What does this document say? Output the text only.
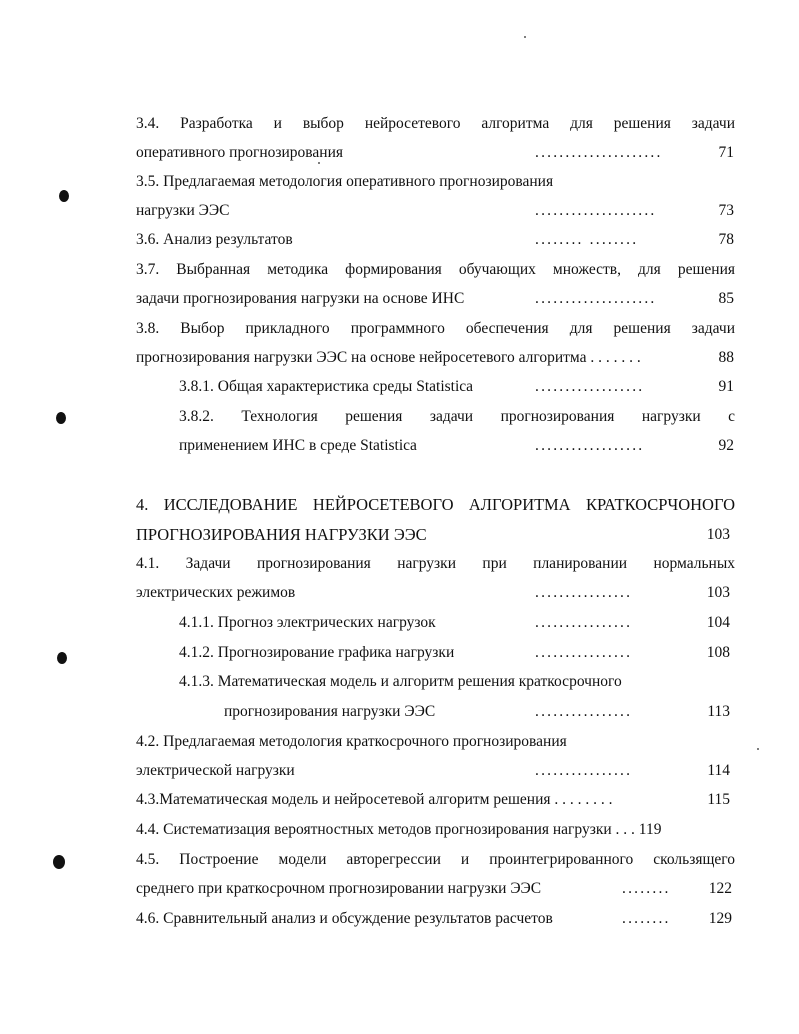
3.4. Разработка и выбор нейросетевого алгоритма для решения задачи
оперативного прогнозирования	.....................	71
3.5. Предлагаемая методология оперативного прогнозирования
нагрузки ЭЭС	....................	73
3.6. Анализ результатов	........ ........	78
3.7. Выбранная методика формирования обучающих множеств, для решения
задачи прогнозирования нагрузки на основе ИНС	....................	85
3.8. Выбор прикладного программного обеспечения для решения задачи
прогнозирования нагрузки ЭЭС на основе нейросетевого алгоритма . . . . . . .	88
3.8.1. Общая характеристика среды Statistica	..................	91
3.8.2. Технология решения задачи прогнозирования нагрузки с
применением ИНС в среде Statistica	..................	92
4. ИССЛЕДОВАНИЕ НЕЙРОСЕТЕВОГО АЛГОРИТМА КРАТКОСРЧОНОГО
ПРОГНОЗИРОВАНИЯ НАГРУЗКИ ЭЭС	103
4.1. Задачи прогнозирования нагрузки при планировании нормальных
электрических режимов	................	103
4.1.1. Прогноз электрических нагрузок	................	104
4.1.2. Прогнозирование графика нагрузки	................	108
4.1.3. Математическая модель и алгоритм решения краткосрочного
прогнозирования нагрузки ЭЭС	................	113
4.2. Предлагаемая методология краткосрочного прогнозирования
электрической нагрузки	................	114
4.3.Математическая модель и нейросетевой алгоритм решения . . . . . . . .	115
4.4. Систематизация вероятностных методов прогнозирования нагрузки . . . 119
4.5. Построение модели авторегрессии и проинтегрированного скользящего
среднего при краткосрочном прогнозировании нагрузки ЭЭС	........	122
4.6. Сравнительный анализ и обсуждение результатов расчетов	........	129
